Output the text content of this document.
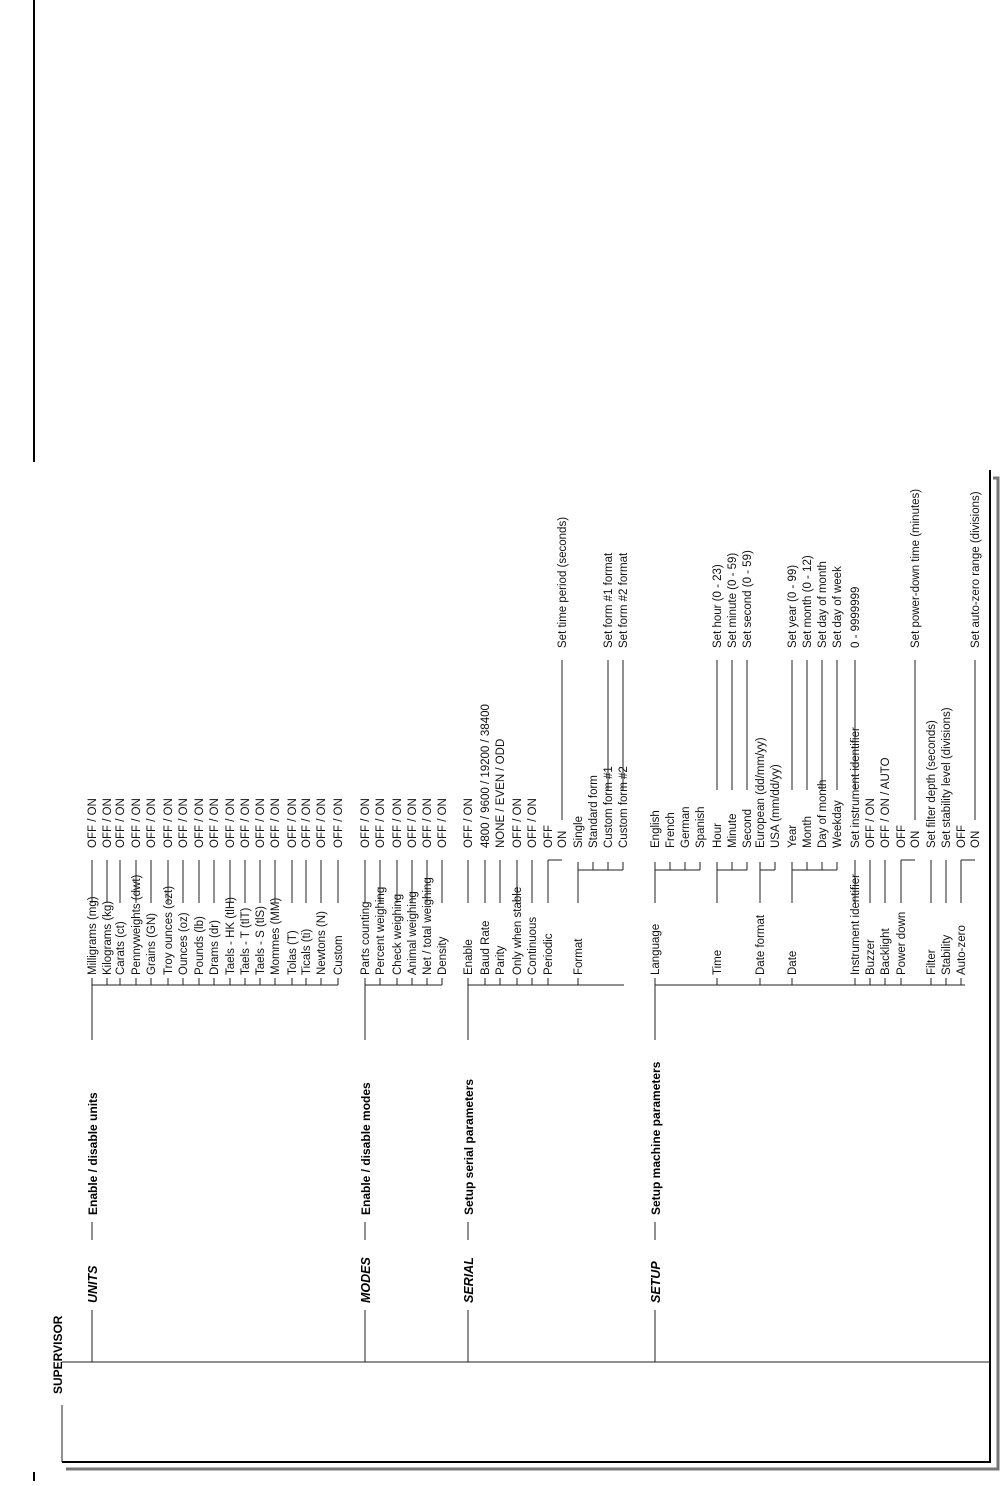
SUPERVISOR
UNITS
Enable / disable units
Milligrams (mg)
OFF / ON
Kilograms (kg)
OFF / ON
Carats (ct)
OFF / ON
Pennyweights (dwt)
OFF / ON
Grains (GN)
OFF / ON
Troy ounces (ozt)
OFF / ON
Ounces (oz)
OFF / ON
Pounds (lb)
OFF / ON
Drams (dr)
OFF / ON
Taels - HK (tlH)
OFF / ON
Taels - T (tlT)
OFF / ON
Taels - S (tlS)
OFF / ON
Mommes (MM)
OFF / ON
Tolas (T)
OFF / ON
Ticals (ti)
OFF / ON
Newtons (N)
OFF / ON
Custom
OFF / ON
MODES
Enable / disable modes
Parts counting
OFF / ON
Percent weighing
OFF / ON
Check weighing
OFF / ON
Animal weighing
OFF / ON
Net / total weighing
OFF / ON
Density
OFF / ON
SERIAL
Setup serial parameters
Enable
OFF / ON
Baud Rate
4800 / 9600 / 19200 / 38400
Parity
NONE / EVEN / ODD
Only when stable
OFF / ON
Continuous
OFF / ON
Periodic
OFF ON
Set time period (seconds)
Format
Single Standard form Custom form #1 Custom form #2
Set form #1 format Set form #2 format
SETUP
Setup machine parameters
Language
English French German Spanish
Time
Hour Minute Second
Set hour (0 - 23) Set minute (0 - 59) Set second (0 - 59)
Date format
European (dd/mm/yy) USA (mm/dd/yy)
Date
Year Month Day of month Weekday
Set year (0 - 99) Set month (0 - 12) Set day of month Set day of week
Instrument identifier
Set instrument identifier
0 - 9999999
Buzzer
OFF / ON
Backlight
OFF / ON / AUTO
Power down
OFF ON
Set power-down time (minutes)
Filter
Set filter depth (seconds)
Stability
Set stability level (divisions)
Auto-zero
OFF ON
Set auto-zero range (divisions)
